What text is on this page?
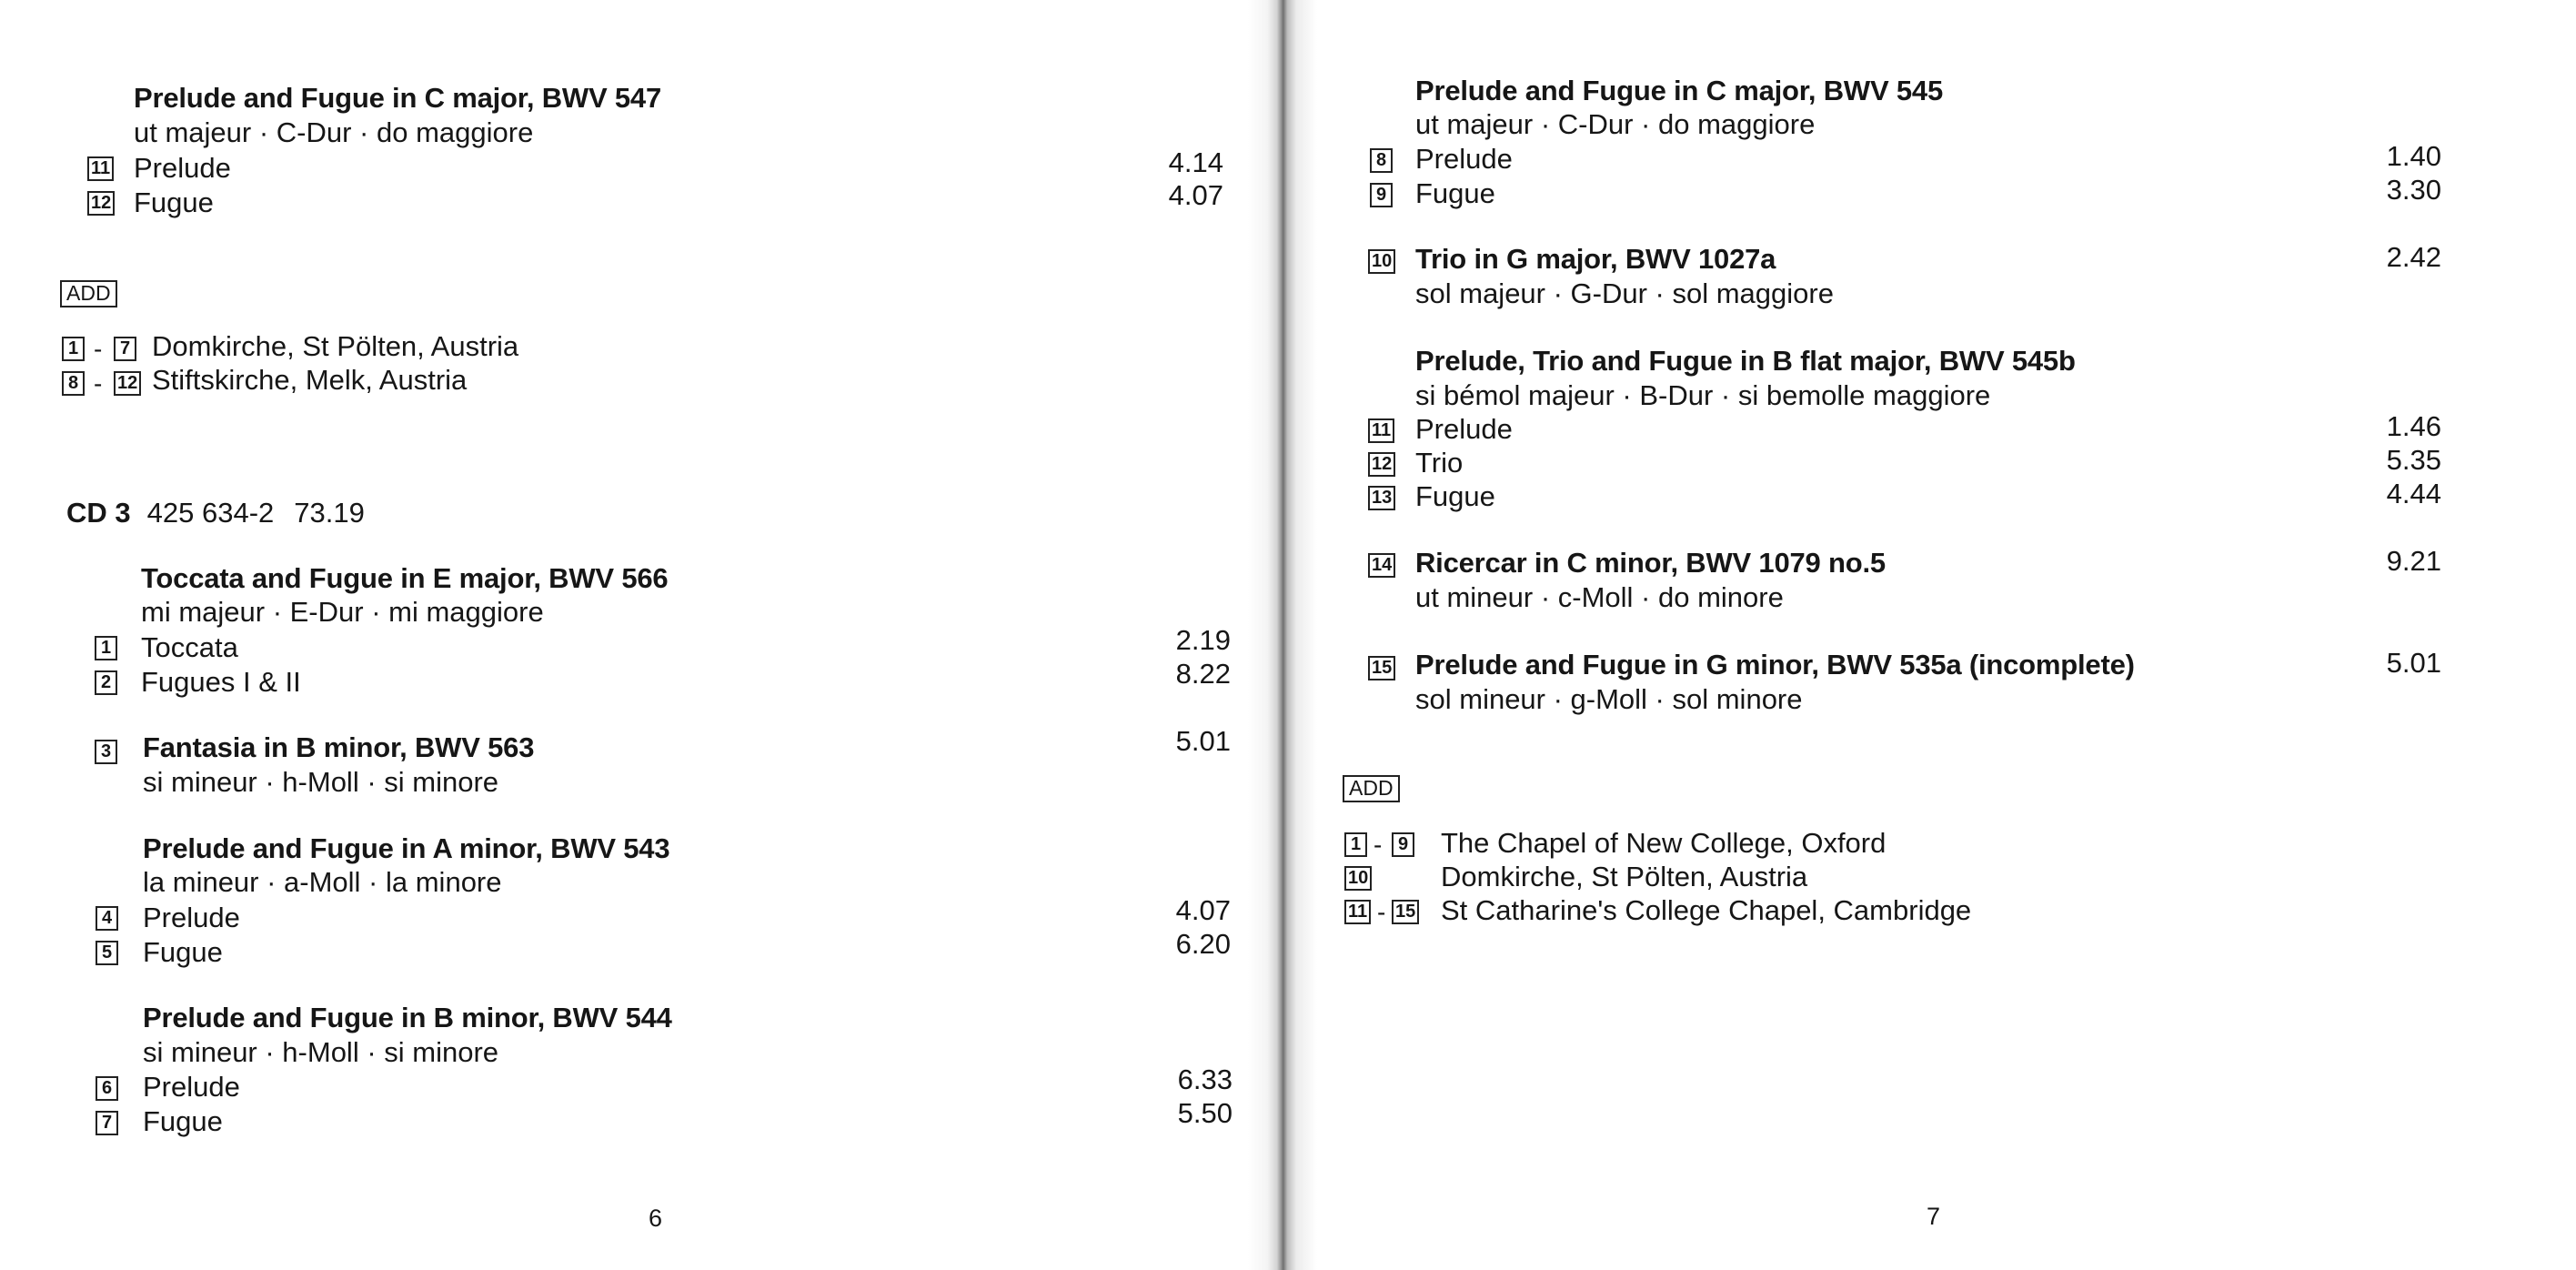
Prelude and Fugue in C major, BWV 547
ut majeur · C-Dur · do maggiore
11 Prelude	4.14
12 Fugue	4.07
ADD
1 - 7 Domkirche, St Pölten, Austria
8 - 12 Stiftskirche, Melk, Austria
CD 3 425 634-2 73.19
Toccata and Fugue in E major, BWV 566
mi majeur · E-Dur · mi maggiore
1 Toccata	2.19
2 Fugues I & II	8.22
3 Fantasia in B minor, BWV 563	5.01
si mineur · h-Moll · si minore
Prelude and Fugue in A minor, BWV 543
la mineur · a-Moll · la minore
4 Prelude	4.07
5 Fugue	6.20
Prelude and Fugue in B minor, BWV 544
si mineur · h-Moll · si minore
6 Prelude	6.33
7 Fugue	5.50
6
Prelude and Fugue in C major, BWV 545
ut majeur · C-Dur · do maggiore
8 Prelude	1.40
9 Fugue	3.30
10 Trio in G major, BWV 1027a	2.42
sol majeur · G-Dur · sol maggiore
Prelude, Trio and Fugue in B flat major, BWV 545b
si bémol majeur · B-Dur · si bemolle maggiore
11 Prelude	1.46
12 Trio	5.35
13 Fugue	4.44
14 Ricercar in C minor, BWV 1079 no.5	9.21
ut mineur · c-Moll · do minore
15 Prelude and Fugue in G minor, BWV 535a (incomplete)	5.01
sol mineur · g-Moll · sol minore
ADD
1 - 9 The Chapel of New College, Oxford
10	Domkirche, St Pölten, Austria
11 - 15 St Catharine's College Chapel, Cambridge
7
